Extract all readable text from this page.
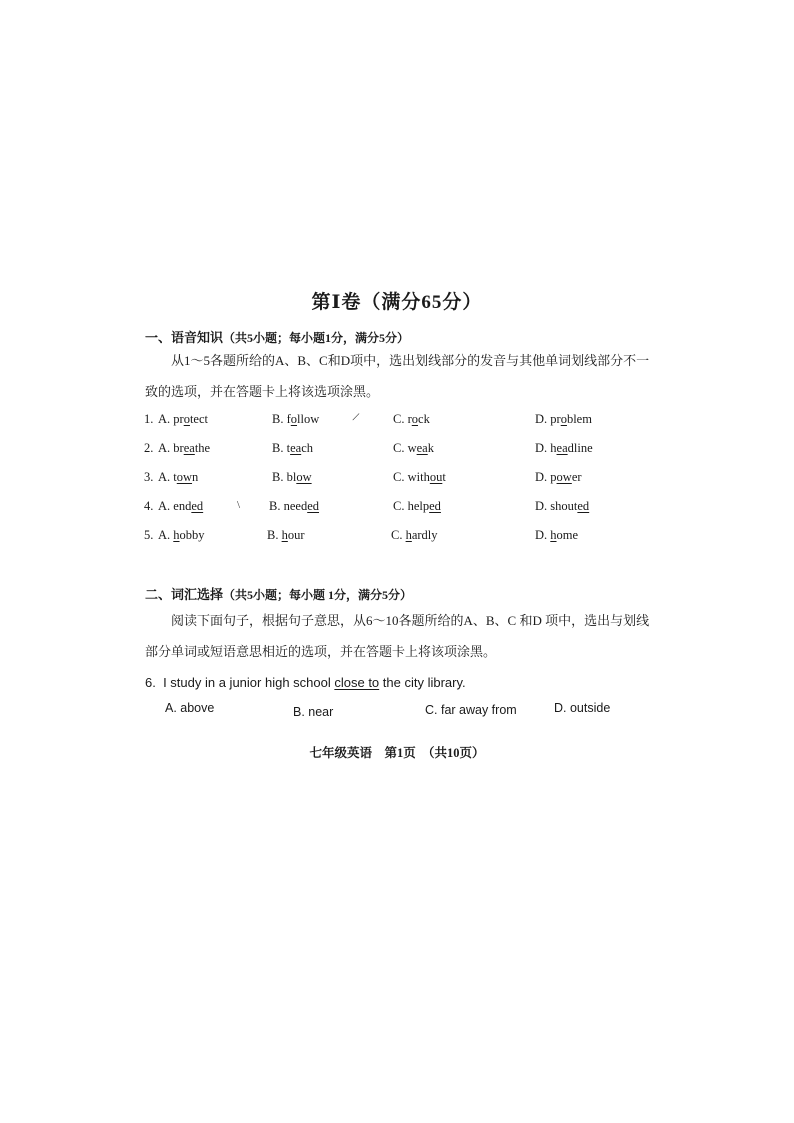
第Ⅰ卷（满分65分）
一、语音知识（共5小题；每小题1分，满分5分）
从1～5各题所给的A、B、C和D项中，选出划线部分的发音与其他单词划线部分不一
致的选项，并在答题卡上将该选项涂黑。
1. A. protect	B. follow	C. rock	D. problem
2. A. breathe	B. teach	C. weak	D. headline
3. A. town	B. blow	C. without	D. power
4. A. ended	B. needed	C. helped	D. shouted
5. A. hobby	B. hour	C. hardly	D. home
/
\
二、词汇选择（共5小题；每小题 1分，满分5分）
阅读下面句子，根据句子意思，从6～10各题所给的A、B、C 和D 项中，选出与划线
部分单词或短语意思相近的选项，并在答题卡上将该项涂黑。
6. I study in a junior high school close to the city library.
A. above	B. near	C. far away from	D. outside
七年级英语　第1页　（共10页）
